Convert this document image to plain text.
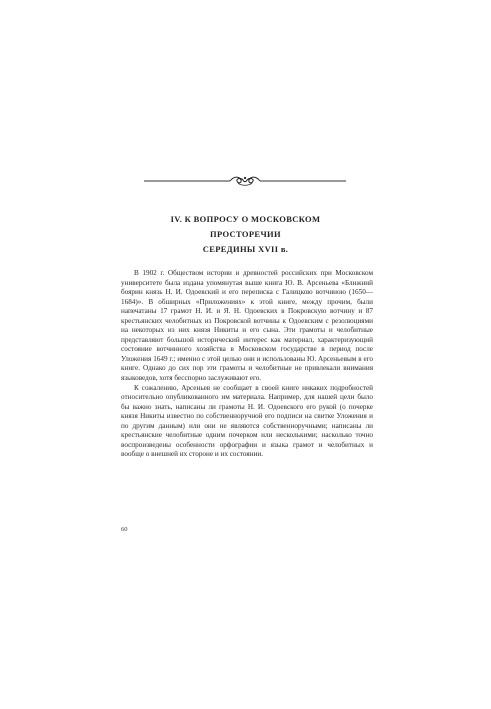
IV. К ВОПРОСУ О МОСКОВСКОМ ПРОСТОРЕЧИИ
СЕРЕДИНЫ XVII в.

В 1902 г. Обществом истории и древностей российских при Московском университете была издана упомянутая выше книга Ю. В. Арсеньева «Ближний боярин князь Н. И. Одоевский и его переписка с Галицкою вотчиною (1650—1684)». В обширных «Приложениях» к этой книге, между прочим, были напечатаны 17 грамот Н. И. и Я. Н. Одоевских в Покровскую вотчину и 87 крестьянских челобитных из Покровской вотчины к Одоевским с резолюциями на некоторых из них князя Никиты и его сына. Эти грамоты и челобитные представляют большой исторический интерес как материал, характеризующий состояние вотчинного хозяйства в Московском государстве в период после Уложения 1649 г.; именно с этой целью они и использованы Ю. Арсеньевым в его книге. Однако до сих пор эти грамоты и челобитные не привлекали внимания языковедов, хотя бесспорно заслуживают его.

К сожалению, Арсеньев не сообщает в своей книге никаких подробностей относительно опубликованного им материала. Например, для нашей цели было бы важно знать, написаны ли грамоты Н. И. Одоевского его рукой (о почерке князя Никиты известно по собственноручной его подписи на свитке Уложения и по другим данным) или они не являются собственноручными; написаны ли крестьянские челобитные одним почерком или несколькими; насколько точно воспроизведены особенности орфографии и языка грамот и челобитных и вообще о внешней их стороне и их состоянии.

60
